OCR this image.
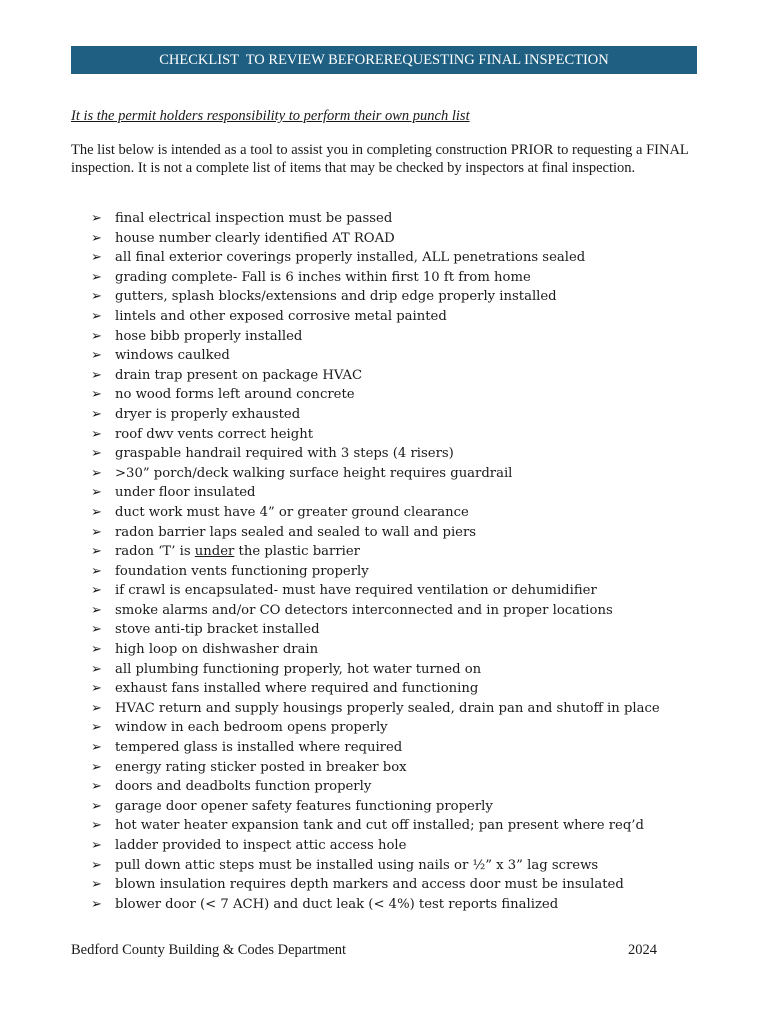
CHECKLIST  TO REVIEW BEFOREREQUESTING FINAL INSPECTION
It is the permit holders responsibility to perform their own punch list
The list below is intended as a tool to assist you in completing construction PRIOR to requesting a FINAL inspection. It is not a complete list of items that may be checked by inspectors at final inspection.
➢ final electrical inspection must be passed
➢ house number clearly identified AT ROAD
➢ all final exterior coverings properly installed, ALL penetrations sealed
➢ grading complete- Fall is 6 inches within first 10 ft from home
➢ gutters, splash blocks/extensions and drip edge properly installed
➢ lintels and other exposed corrosive metal painted
➢ hose bibb properly installed
➢ windows caulked
➢ drain trap present on package HVAC
➢ no wood forms left around concrete
➢ dryer is properly exhausted
➢ roof dwv vents correct height
➢ graspable handrail required with 3 steps (4 risers)
➢ >30” porch/deck walking surface height requires guardrail
➢ under floor insulated
➢ duct work must have 4” or greater ground clearance
➢ radon barrier laps sealed and sealed to wall and piers
➢ radon ‘T’ is under the plastic barrier
➢ foundation vents functioning properly
➢ if crawl is encapsulated- must have required ventilation or dehumidifier
➢ smoke alarms and/or CO detectors interconnected and in proper locations
➢ stove anti-tip bracket installed
➢ high loop on dishwasher drain
➢ all plumbing functioning properly, hot water turned on
➢ exhaust fans installed where required and functioning
➢ HVAC return and supply housings properly sealed, drain pan and shutoff in place
➢ window in each bedroom opens properly
➢ tempered glass is installed where required
➢ energy rating sticker posted in breaker box
➢ doors and deadbolts function properly
➢ garage door opener safety features functioning properly
➢ hot water heater expansion tank and cut off installed; pan present where req’d
➢ ladder provided to inspect attic access hole
➢ pull down attic steps must be installed using nails or ½” x 3” lag screws
➢ blown insulation requires depth markers and access door must be insulated
➢ blower door (< 7 ACH) and duct leak (< 4%) test reports finalized
Bedford County Building & Codes Department	2024
